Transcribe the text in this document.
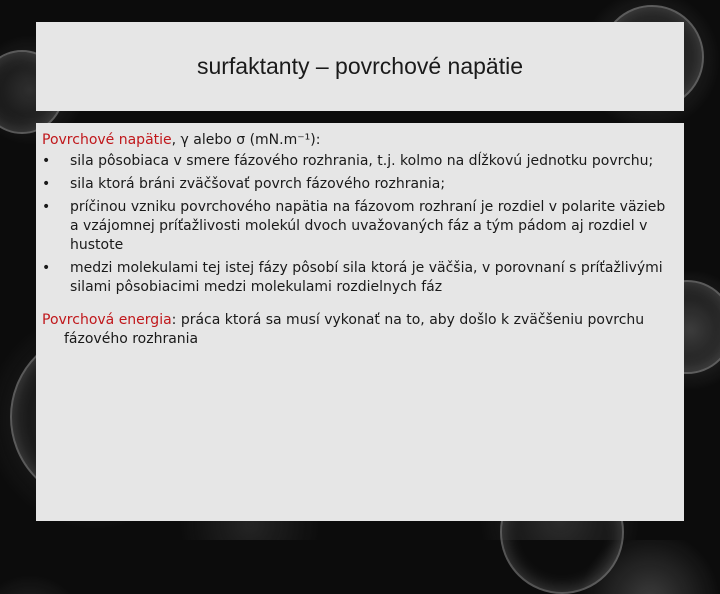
surfaktanty – povrchové napätie

Povrchové napätie, γ alebo σ (mN.m⁻¹):

• sila pôsobiaca v smere fázového rozhrania, t.j. kolmo na dĺžkovú jednotku povrchu;
• sila ktorá bráni zväčšovať povrch fázového rozhrania;
• príčinou vzniku povrchového napätia na fázovom rozhraní je rozdiel v polarite väzieb a vzájomnej príťažlivosti molekúl dvoch uvažovaných fáz a tým pádom aj rozdiel v hustote
• medzi molekulami tej istej fázy pôsobí sila ktorá je väčšia, v porovnaní s príťažlivými silami pôsobiacimi medzi molekulami rozdielnych fáz

Povrchová energia: práca ktorá sa musí vykonať na to, aby došlo k zväčšeniu povrchu fázového rozhrania
